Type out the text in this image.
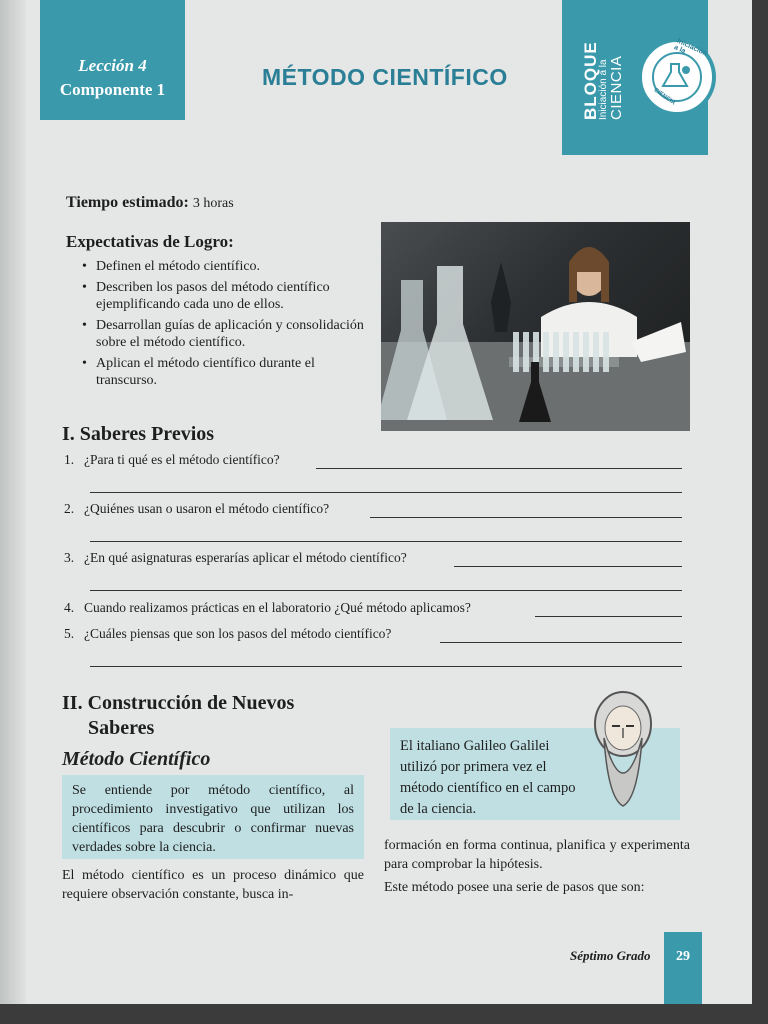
Lección 4
Componente 1	MÉTODO CIENTÍFICO	BLOQUE
Iniciación a la CIENCIA
Iniciación a la
CIENCIA
Tiempo estimado: 3 horas
Expectativas de Logro:
• Definen el método científico.
• Describen los pasos del método científico ejemplificando cada uno de ellos.
• Desarrollan guías de aplicación y consolidación sobre el método científico.
• Aplican el método científico durante el transcurso.
I. Saberes Previos
1. ¿Para ti qué es el método científico?
2. ¿Quiénes usan o usaron el método científico?
3. ¿En qué asignaturas esperarías aplicar el método científico?
4. Cuando realizamos prácticas en el laboratorio ¿Qué método aplicamos?
5. ¿Cuáles piensas que son los pasos del método científico?
II. Construcción de Nuevos
Saberes
Método Científico
Se entiende por método científico, al procedimiento investigativo que utilizan los científicos para descubrir o confirmar nuevas verdades sobre la ciencia.
El método científico es un proceso dinámico que requiere observación constante, busca in-
El italiano Galileo Galilei utilizó por primera vez el método científico en el campo de la ciencia.
formación en forma continua, planifica y experimenta para comprobar la hipótesis.
Este método posee una serie de pasos que son:
Séptimo Grado	29
